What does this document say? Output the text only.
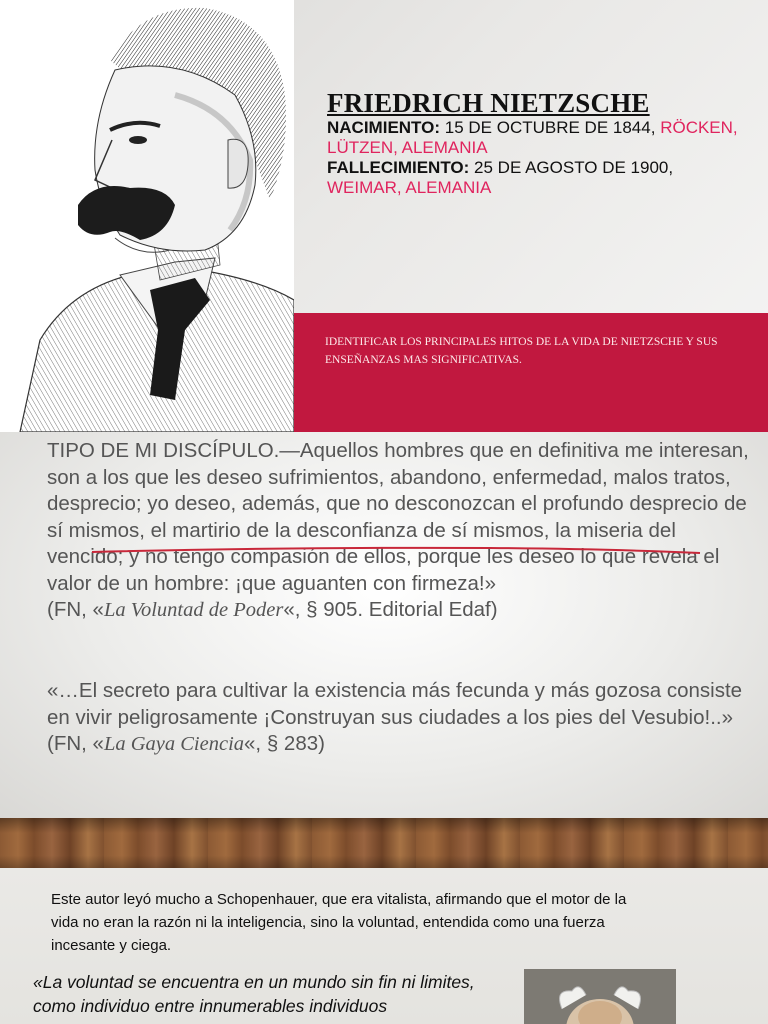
FRIEDRICH NIETZSCHE
NACIMIENTO: 15 DE OCTUBRE DE 1844, RÖCKEN, LÜTZEN, ALEMANIA
FALLECIMIENTO: 25 DE AGOSTO DE 1900, WEIMAR, ALEMANIA
IDENTIFICAR LOS PRINCIPALES HITOS DE LA VIDA DE NIETZSCHE Y SUS ENSEÑANZAS MAS SIGNIFICATIVAS.
TIPO DE MI DISCÍPULO.—Aquellos hombres que en definitiva me interesan, son a los que les deseo sufrimientos, abandono, enfermedad, malos tratos, desprecio; yo deseo, además, que no desconozcan el profundo desprecio de sí mismos, el martirio de la desconfianza de sí mismos, la miseria del vencido; y no tengo compasión de ellos, porque les deseo lo que revela el valor de un hombre: ¡que aguanten con firmeza!»
(FN, «La Voluntad de Poder«, § 905. Editorial Edaf)
«…El secreto para cultivar la existencia más fecunda y más gozosa consiste en vivir peligrosamente ¡Construyan sus ciudades a los pies del Vesubio!..»
(FN, «La Gaya Ciencia«, § 283)
Este autor leyó mucho a Schopenhauer, que era vitalista, afirmando que el motor de la vida no eran la razón ni la inteligencia, sino la voluntad, entendida como una fuerza incesante y ciega.
«La voluntad se encuentra en un mundo sin fin ni limites, como individuo entre innumerables individuos
